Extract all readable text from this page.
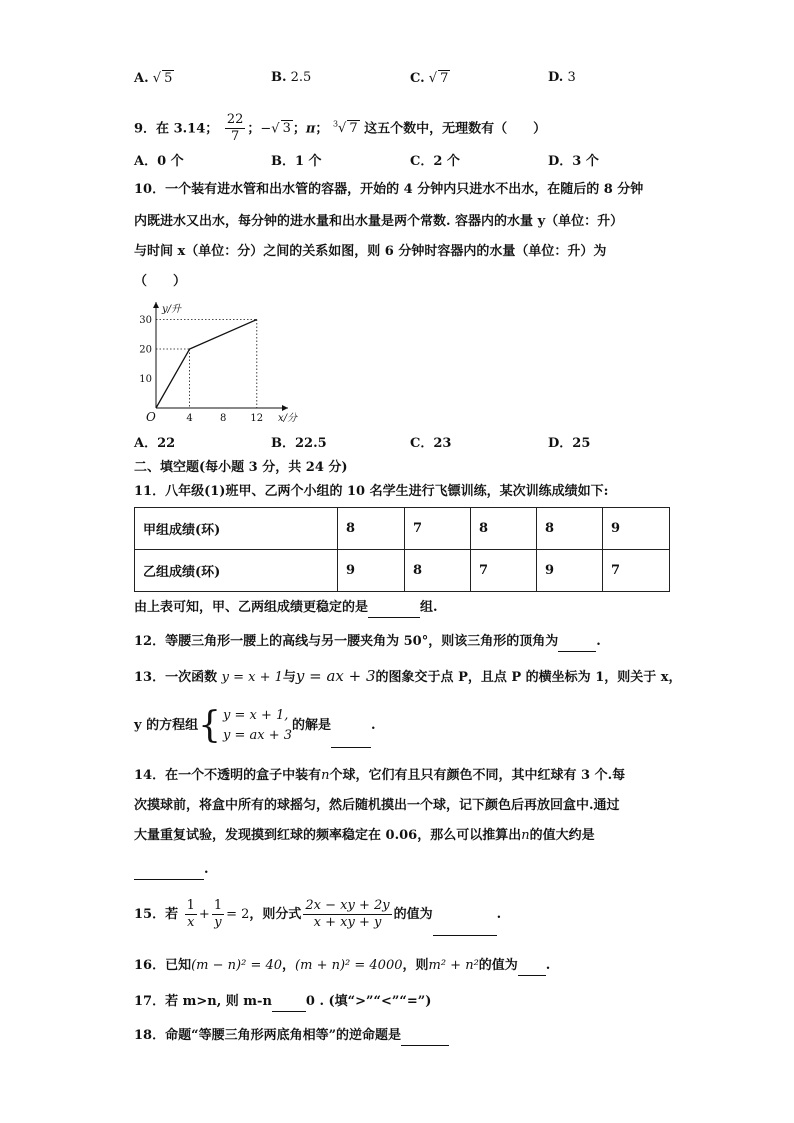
A. √ 5	B. 2.5	C. √ 7	D. 3
9．在 3.14； $\frac{22}{7}$ ；−√ 3 ；π； $^3$√ 7 这五个数中，无理数有（　　）
A．0 个	B．1 个	C．2 个	D．3 个
10．一个装有进水管和出水管的容器，开始的 4 分钟内只进水不出水，在随后的 8 分钟
内既进水又出水，每分钟的进水量和出水量是两个常数. 容器内的水量 y（单位：升）
与时间 x（单位：分）之间的关系如图，则 6 分钟时容器内的水量（单位：升）为
（　　）
30
20
10
4	8 12
O
y/升
x/分
A．22	B．22.5	C．23	D．25
二、填空题(每小题 3 分，共 24 分)
11．八年级(1)班甲、乙两个小组的 10 名学生进行飞镖训练，某次训练成绩如下:
甲组成绩(环)	8	7	8	8	9
乙组成绩(环)	9	8	7	9	7
由上表可知，甲、乙两组成绩更稳定的是	组.
12．等腰三角形一腰上的高线与另一腰夹角为 50°，则该三角形的顶角为	.
13．一次函数 y = x + 1与y = ax + 3的图象交于点 P，且点 P 的横坐标为 1，则关于 x，
y 的方程组{ y = x + 1,
y = ax + 3
的解是	.
14．在一个不透明的盒子中装有n个球，它们有且只有颜色不同，其中红球有 3 个.每
次摸球前，将盒中所有的球摇匀，然后随机摸出一个球，记下颜色后再放回盒中.通过
大量重复试验，发现摸到红球的频率稳定在 0.06，那么可以推算出n的值大约是
.
15．若 $\frac{1}{x} + \frac{1}{y} = 2$，则分式 $\frac{2x - xy + 2y}{x + xy + y}$ 的值为	.
16．已知(m − n)² = 40，(m + n)² = 4000，则m² + n²的值为 .
17．若 m>n, 则 m-n	0 . (填“>”“<”“=”)
18．命题“等腰三角形两底角相等”的逆命题是
